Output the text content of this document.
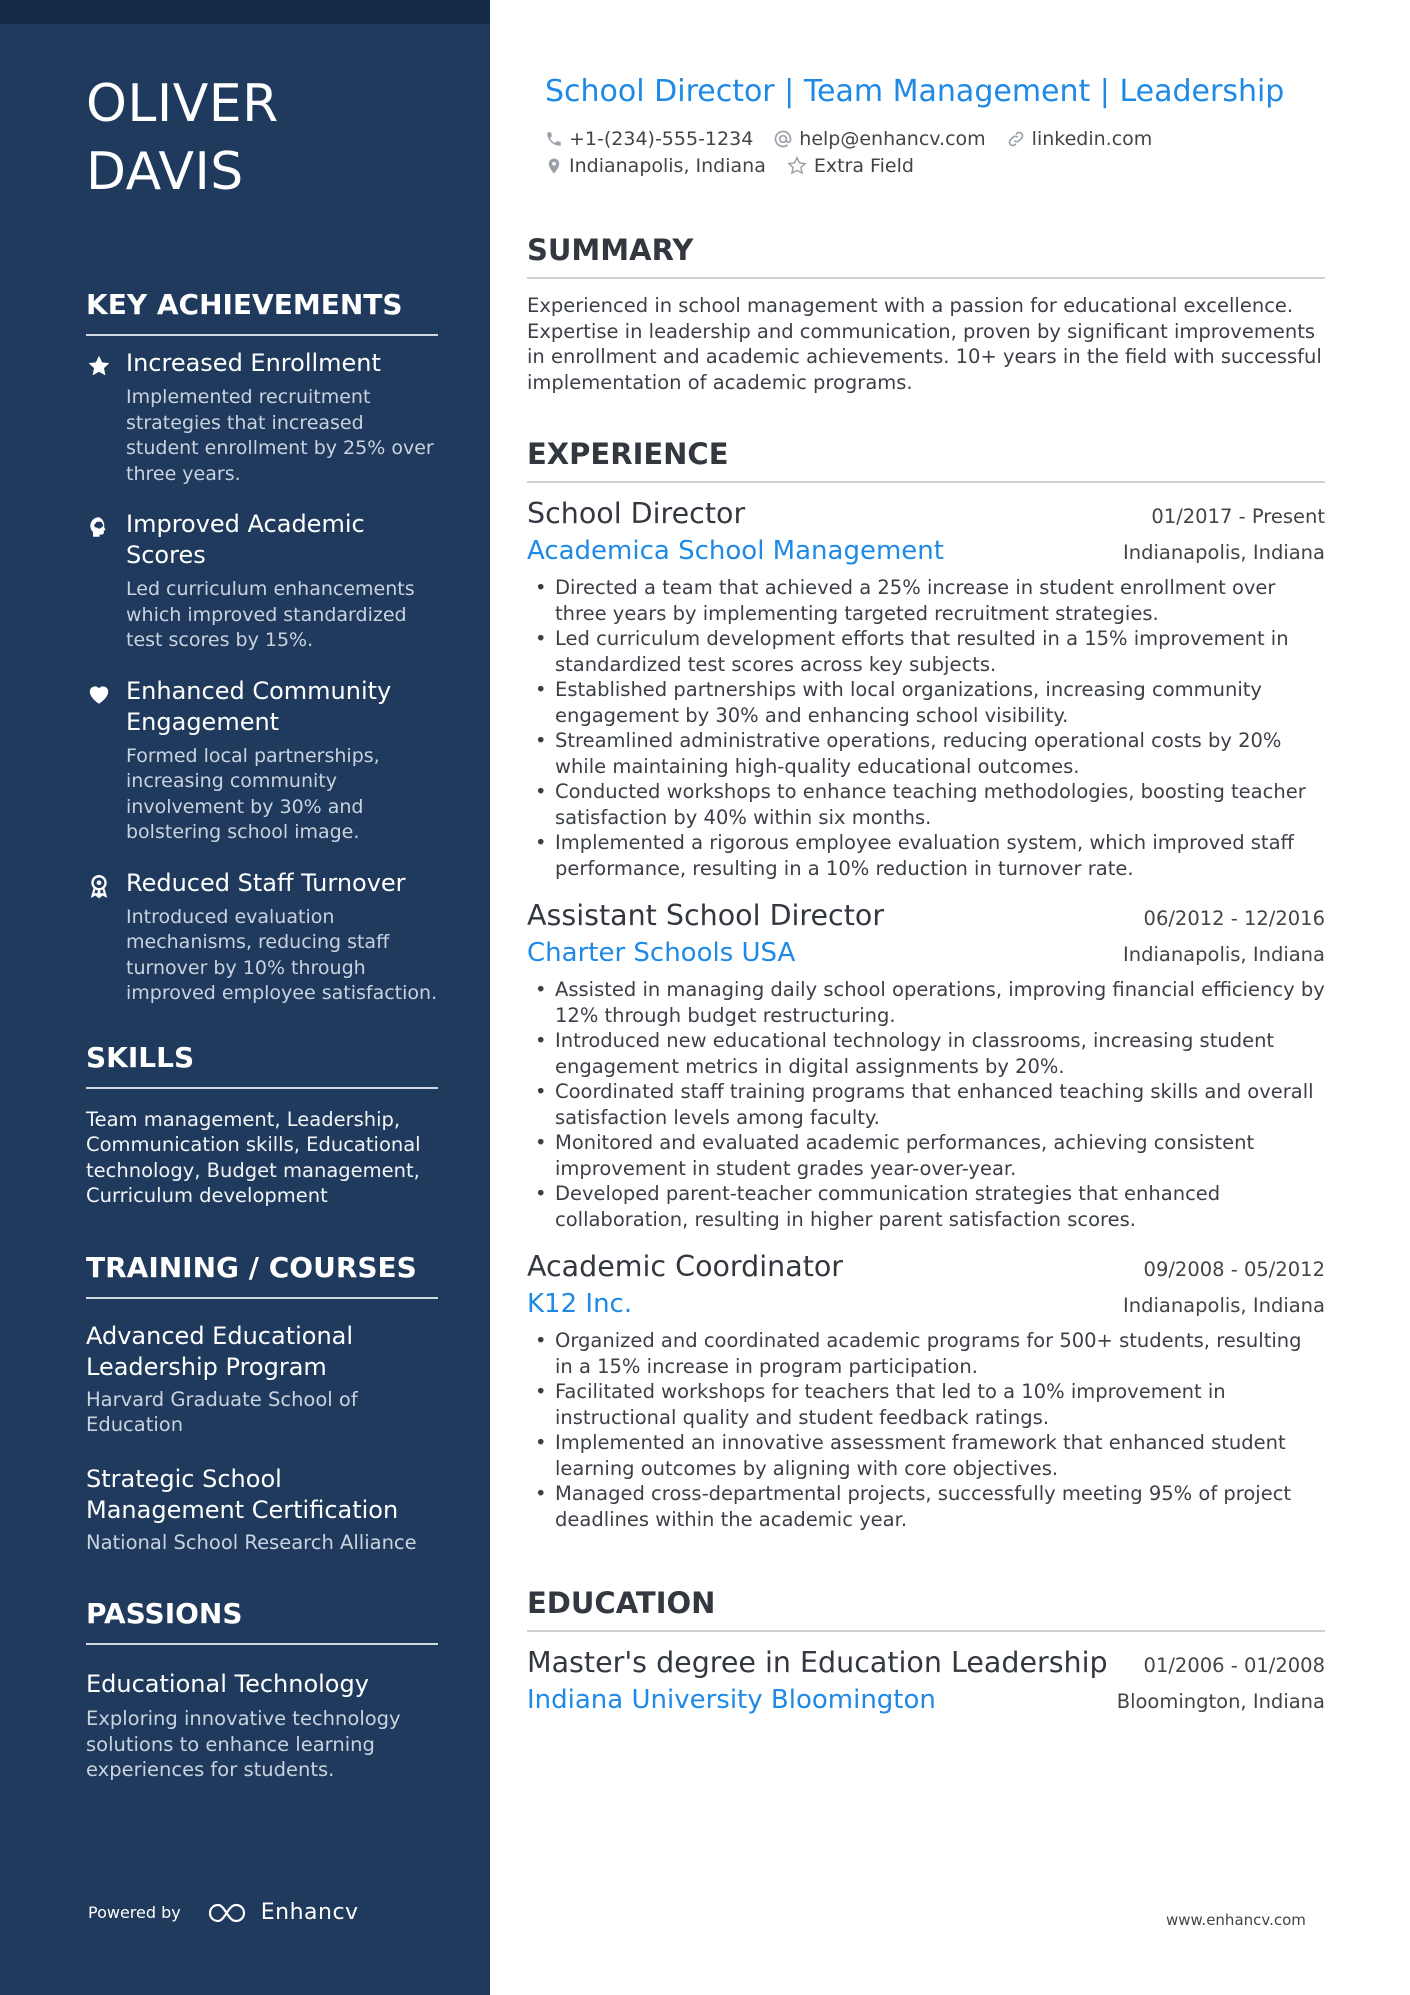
OLIVER DAVIS
KEY ACHIEVEMENTS
Increased Enrollment
Implemented recruitment strategies that increased student enrollment by 25% over three years.
Improved Academic Scores
Led curriculum enhancements which improved standardized test scores by 15%.
Enhanced Community Engagement
Formed local partnerships, increasing community involvement by 30% and bolstering school image.
Reduced Staff Turnover
Introduced evaluation mechanisms, reducing staff turnover by 10% through improved employee satisfaction.
SKILLS
Team management, Leadership, Communication skills, Educational technology, Budget management, Curriculum development
TRAINING / COURSES
Advanced Educational Leadership Program
Harvard Graduate School of Education
Strategic School Management Certification
National School Research Alliance
PASSIONS
Educational Technology
Exploring innovative technology solutions to enhance learning experiences for students.
Powered by	Enhancv
School Director | Team Management | Leadership
+1-(234)-555-1234 help@enhancv.com linkedin.com
Indianapolis, Indiana	Extra Field
SUMMARY
Experienced in school management with a passion for educational excellence. Expertise in leadership and communication, proven by significant improvements in enrollment and academic achievements. 10+ years in the field with successful implementation of academic programs.
EXPERIENCE
School Director	01/2017 - Present
Academica School Management	Indianapolis, Indiana
• Directed a team that achieved a 25% increase in student enrollment over three years by implementing targeted recruitment strategies.
• Led curriculum development efforts that resulted in a 15% improvement in standardized test scores across key subjects.
• Established partnerships with local organizations, increasing community engagement by 30% and enhancing school visibility.
• Streamlined administrative operations, reducing operational costs by 20% while maintaining high-quality educational outcomes.
• Conducted workshops to enhance teaching methodologies, boosting teacher satisfaction by 40% within six months.
• Implemented a rigorous employee evaluation system, which improved staff performance, resulting in a 10% reduction in turnover rate.
Assistant School Director	06/2012 - 12/2016
Charter Schools USA	Indianapolis, Indiana
• Assisted in managing daily school operations, improving financial efficiency by 12% through budget restructuring.
• Introduced new educational technology in classrooms, increasing student engagement metrics in digital assignments by 20%.
• Coordinated staff training programs that enhanced teaching skills and overall satisfaction levels among faculty.
• Monitored and evaluated academic performances, achieving consistent improvement in student grades year-over-year.
• Developed parent-teacher communication strategies that enhanced collaboration, resulting in higher parent satisfaction scores.
Academic Coordinator	09/2008 - 05/2012
K12 Inc.	Indianapolis, Indiana
• Organized and coordinated academic programs for 500+ students, resulting in a 15% increase in program participation.
• Facilitated workshops for teachers that led to a 10% improvement in instructional quality and student feedback ratings.
• Implemented an innovative assessment framework that enhanced student learning outcomes by aligning with core objectives.
• Managed cross-departmental projects, successfully meeting 95% of project deadlines within the academic year.
EDUCATION
Master's degree in Education Leadership 01/2006 - 01/2008
Indiana University Bloomington	Bloomington, Indiana
www.enhancv.com
